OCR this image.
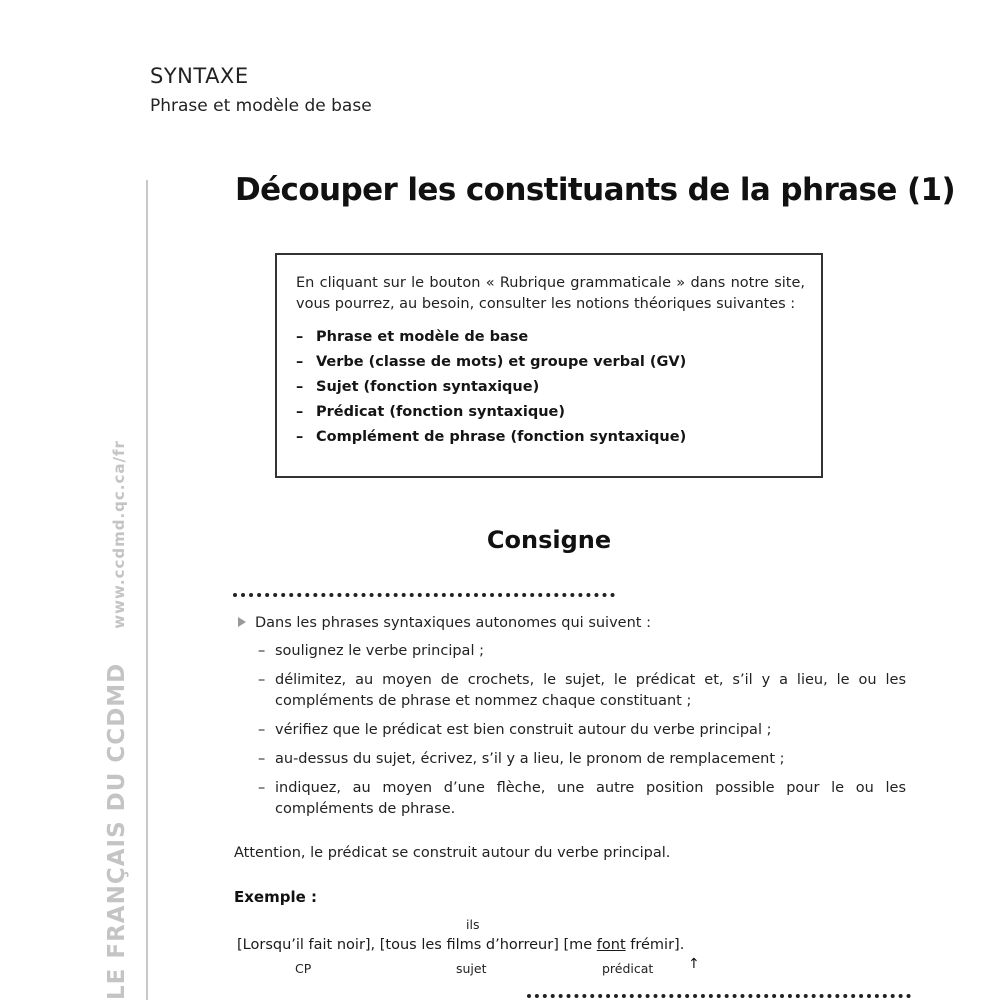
SYNTAXE
Phrase et modèle de base
LE FRANÇAIS DU CCDMDwww.ccdmd.qc.ca/fr
Découper les constituants de la phrase (1)

En cliquant sur le bouton « Rubrique grammaticale » dans notre site, vous pourrez, au besoin, consulter les notions théoriques suivantes :

– Phrase et modèle de base
– Verbe (classe de mots) et groupe verbal (GV)
– Sujet (fonction syntaxique)
– Prédicat (fonction syntaxique)
– Complément de phrase (fonction syntaxique)
Consigne

Dans les phrases syntaxiques autonomes qui suivent :

– soulignez le verbe principal ;
– délimitez, au moyen de crochets, le sujet, le prédicat et, s’il y a lieu, le ou les compléments de phrase et nommez chaque constituant ;
– vérifiez que le prédicat est bien construit autour du verbe principal ;
– au-dessus du sujet, écrivez, s’il y a lieu, le pronom de remplacement ;
– indiquez, au moyen d’une flèche, une autre position possible pour le ou les compléments de phrase.
Attention, le prédicat se construit autour du verbe principal.
Exemple :
ils
[Lorsqu’il fait noir], [tous les films d’horreur] [me font frémir].
CP	sujet	prédicat ↑
